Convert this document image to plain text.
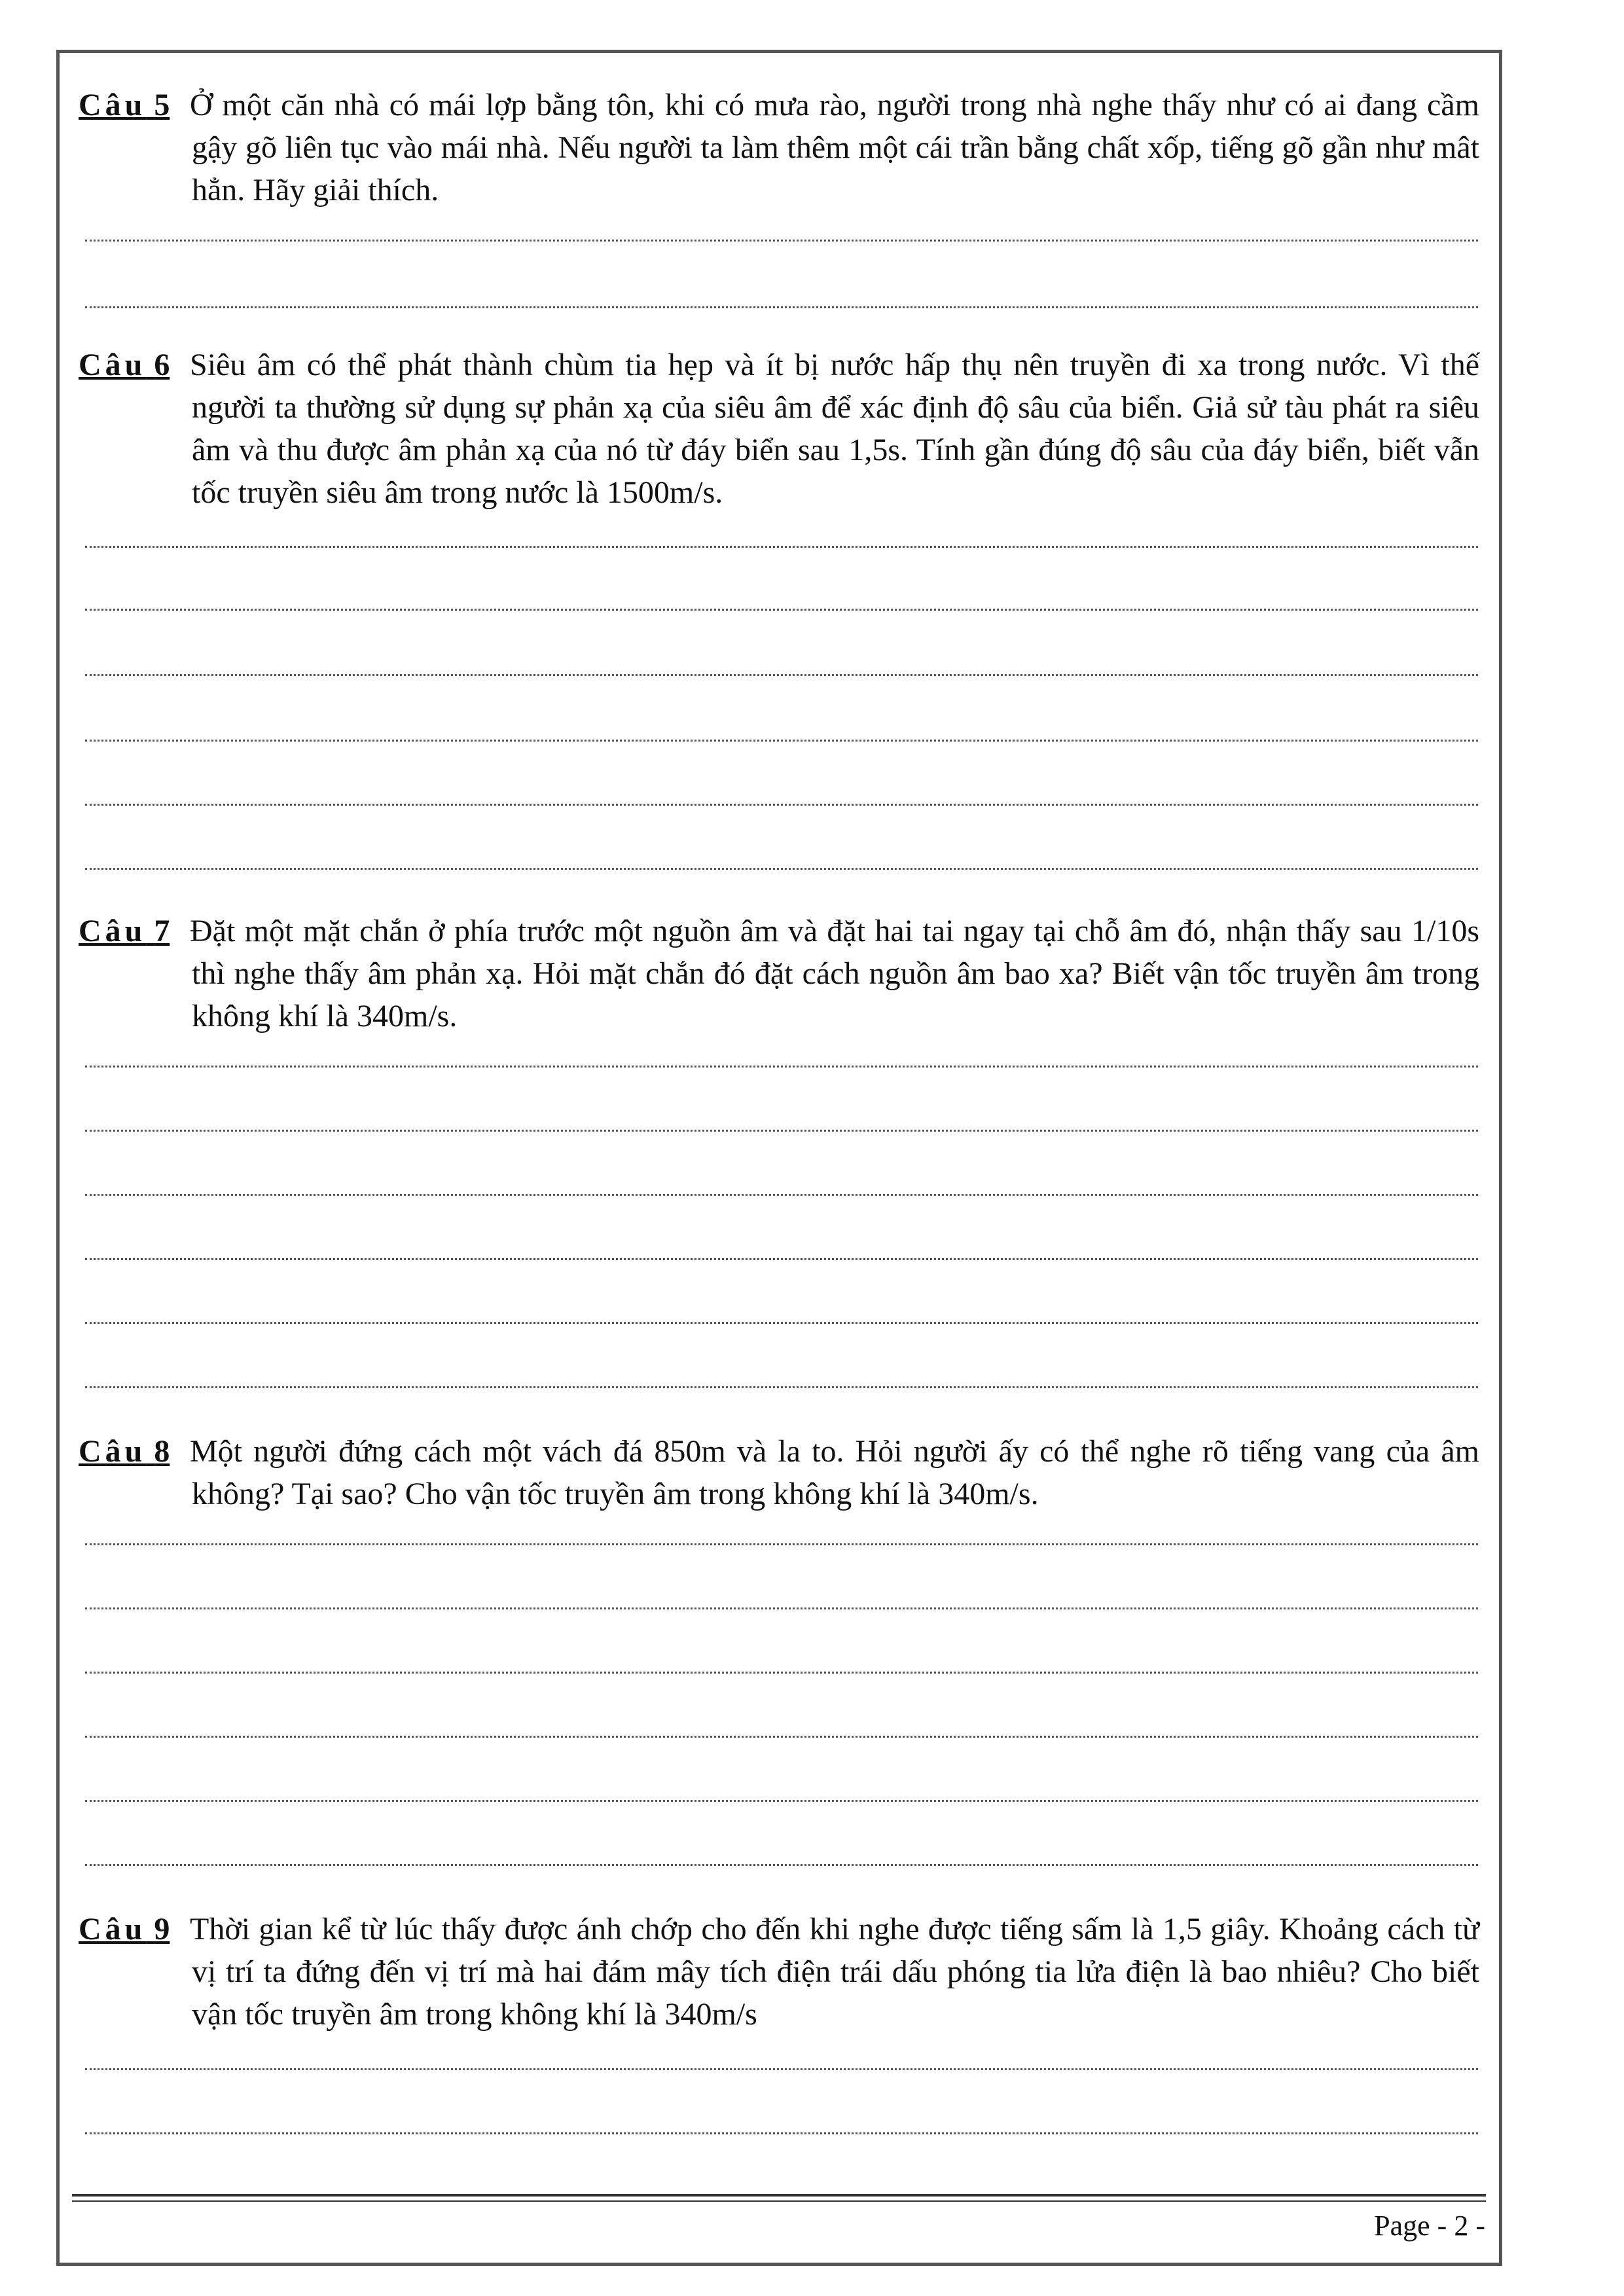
Câu 5 Ở một căn nhà có mái lợp bằng tôn, khi có mưa rào, người trong nhà nghe thấy như có ai đang cầm gậy gõ liên tục vào mái nhà. Nếu người ta làm thêm một cái trần bằng chất xốp, tiếng gõ gần như mât hẳn. Hãy giải thích.

Câu 6 Siêu âm có thể phát thành chùm tia hẹp và ít bị nước hấp thụ nên truyền đi xa trong nước. Vì thế người ta thường sử dụng sự phản xạ của siêu âm để xác định độ sâu của biển. Giả sử tàu phát ra siêu âm và thu được âm phản xạ của nó từ đáy biển sau 1,5s. Tính gần đúng độ sâu của đáy biển, biết vẫn tốc truyền siêu âm trong nước là 1500m/s.

Câu 7 Đặt một mặt chắn ở phía trước một nguồn âm và đặt hai tai ngay tại chỗ âm đó, nhận thấy sau 1/10s thì nghe thấy âm phản xạ. Hỏi mặt chắn đó đặt cách nguồn âm bao xa? Biết vận tốc truyền âm trong không khí là 340m/s.

Câu 8 Một người đứng cách một vách đá 850m và la to. Hỏi người ấy có thể nghe rõ tiếng vang của âm không? Tại sao? Cho vận tốc truyền âm trong không khí là 340m/s.

Câu 9 Thời gian kể từ lúc thấy được ánh chớp cho đến khi nghe được tiếng sấm là 1,5 giây. Khoảng cách từ vị trí ta đứng đến vị trí mà hai đám mây tích điện trái dấu phóng tia lửa điện là bao nhiêu? Cho biết vận tốc truyền âm trong không khí là 340m/s

Page - 2 -
